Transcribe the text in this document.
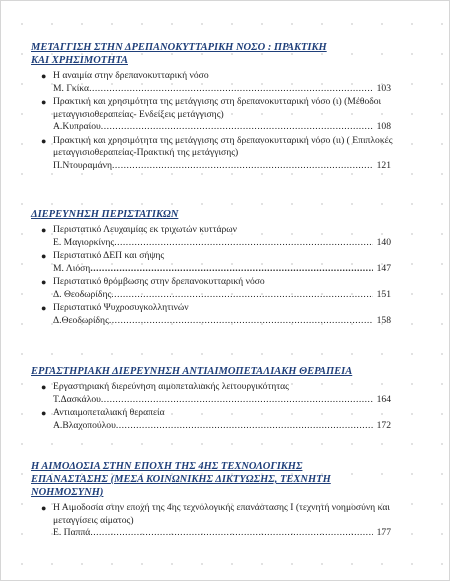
ΜΕΤΑΓΓΙΣΗ ΣΤΗΝ ΔΡΕΠΑΝΟΚΥΤΤΑΡΙΚΗ ΝΟΣΟ : ΠΡΑΚΤΙΚΗ ΚΑΙ ΧΡΗΣΙΜΟΤΗΤΑ
● Η αναιμία στην δρεπανοκυτταρική νόσο
Μ. Γκίκα .....	103
● Πρακτική και χρησιμότητα της μετάγγισης στη δρεπανοκυτταρική νόσο (ι) (Μέθοδοι μεταγγισιοθεραπείας- Ενδείξεις μετάγγισης)
Α.Κυπραίου .....	108
● Πρακτική και χρησιμότητα της μετάγγισης στη δρεπανοκυτταρική νόσο (ιι) ( Επιπλοκές μεταγγισιοθεραπείας-Πρακτική της μετάγγισης)
Π.Ντουραμάνη .....	121
ΔΙΕΡΕΥΝΗΣΗ ΠΕΡΙΣΤΑΤΙΚΩΝ
● Περιστατικό Λευχαιμίας εκ τριχωτών κυττάρων
Ε. Μαγιορκίνης .....	140
● Περιστατικό ΔΕΠ και σήψης
Μ. Λιόση .....	147
● Περιστατικό θρόμβωσης στην δρεπανοκυτταρική νόσο
Δ. Θεοδωρίδης .....	151
● Περιστατικό Ψυχροσυγκολλητινών
Δ.Θεοδωρίδης .....	158
ΕΡΓΑΣΤΗΡΙΑΚΗ ΔΙΕΡΕΥΝΗΣΗ ΑΝΤΙΑΙΜΟΠΕΤΑΛΙΑΚΗ ΘΕΡΑΠΕΙΑ
● Εργαστηριακή διερεύνηση αιμοπεταλιακής λειτουργικότητας
Τ.Δασκάλου .....	164
● Αντιαιμοπεταλιακή θεραπεία
Α.Βλαχοπούλου .....	172
Η ΑΙΜΟΔΟΣΙΑ ΣΤΗΝ ΕΠΟΧΗ ΤΗΣ 4ΗΣ ΤΕΧΝΟΛΟΓΙΚΗΣ ΕΠΑΝΑΣΤΑΣΗΣ (ΜΕΣΑ ΚΟΙΝΩΝΙΚΗΣ ΔΙΚΤΥΩΣΗΣ, ΤΕΧΝΗΤΗ ΝΟΗΜΟΣΥΝΗ)
● Η Αιμοδοσία στην εποχή της 4ης τεχνολογικής επανάστασης Ι (τεχνητή νοημοσύνη και μεταγγίσεις αίματος)
Ε. Παππά .....	177
